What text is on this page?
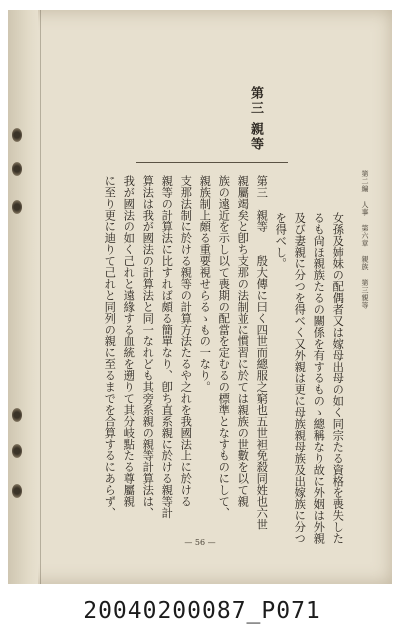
第二編 人事 第六章 親族 第三親等
第三
親等
女孫及姉妹の配偶者又は嫁母出母の如く同宗たる資格を喪失した
るも尙ほ親族たるの關係を有するものゝ總稱なり故に外姻は外親
及び妻親に分つを得べく又外親は更に母族親母族及出嫁族に分つ
を得べし。
第三　親等　　殷大傳に曰く四世而總服之窮也五世袒免殺同姓也六世
親屬竭矣と卽ち支那の法制並に慣習に於ては親族の世數を以て親
族の遠近を示し以て喪期の配當を定むるの標準となすものにして、
親族制上頗る重要視せらるゝもの一なり。
支那法制に於ける親等の計算方法たるや之れを我國法上に於ける
親等の計算法に比すれば頗る簡單なり、卽ち直系親に於ける親等計
算法は我が國法の計算法と同一なれども其旁系親の親等計算法は、
我が國法の如く己れと遠緣する血統を遡りて其分岐點たる尊屬親
に至り更に迪りて己れと同列の親に至るまでを合算するにあらず、
— 56 —
20040200087_P071
